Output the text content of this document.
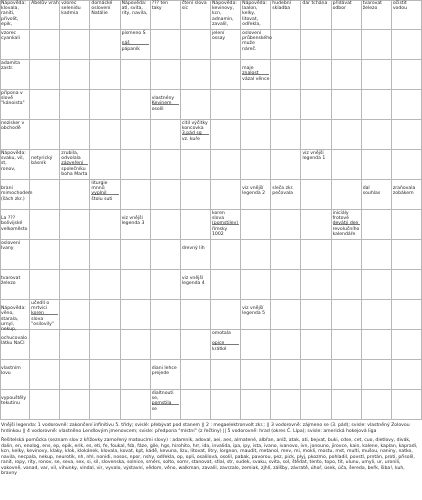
Nápověda:
klovala,
raniti,
přivolit, epik,
Abelův vrah vzorec
selenidu
kadmia
domácké
oslovení
Natálie
Nápověda:
atl, svita,
rity, navila,
??? ten
taky
čtení slova
síc
Nápověda:
kevinovy,
kcn,
adnamin,
zavalil,
Nápověda:
laalon,
kelky,
litovat,
odřekla,
hudební
skladba
dar tchána	přidávat
odbor
tvarovat
železo
očistit
vodou
vzorec
cyankali
písmeno S

náš
pápaník
jelení
ossay
oslovení
průbenského
muže
náreč.
adamita
zastr.	
maje
znalost

vázal věnce
přípona v
slově
"kánoista"

vlastnény
Kevinem

osolil
nezisker v
obchodě
citil výčitky

koncovka
3.pád sg
vz. kuře
Nápověda:
svaku, vil, st,
ronov,

netyrický
básník
zrubila,
odvolala

zázveření
společníku
boha Marta
viz vnější
legenda 1

braní
mimochodem
(šách zkr.)
liturgie
mnnů

vyplnil
štolu suti

viz vnější
legenda 2

sleča zkr.
pečovala

dal
souhlas

zraňovala
zobákem

La ???
bolivijské
velkoměsto

viz vnější
legenda 3
koren
slova
(pomstiley)

římsky
1002
iniciály
frotové

devátý den
revolučního
kalendáře
oslovení
Ivany	
drevný lih

tvarovat
železo

viz vnější
legenda 4

Nápověda:
věno,
starala,
urnyl, nekup,
učedlí o
mrtvici

koren
slova
"osilovily"

viz vnější
legenda 5

ochucovalo
látku NaCl
omotala

opice
krátké

vlastním lovu

diani lehce
prejede

vypouštěly
tekutinu
dialtnouti
se,

pomstila
se

Vnější legenda: 1 vodorovně: zakončení infinitivu 5. třídy; svislé: přebývat pod stanem || 2 : megaelektronvolt zkr.; || 3 vodorovně: zájmeno se (3. pád); svisle: vlastněný Zolovou hrdinkou || 4 vodorovně: vlastněno Lendlovým jmenovcem; svisle: předpona "místní" (z řečtiny) || 5 vodorovně: hrad (okres Č. Lípa); svisle: americká hokejová liga

Řešitelská pomůcka (seznam slov z křížovky zamořený matoucími slovy) : adamnik, adoval, aei, aes, almatené, albřan, anlž, atak, ati, bejvat, buki, cdse, cet, cuo, dietlovy, divák, dalin, en, enolog, ens, ep, epik, erik, es, eti, fe, foukal, fsb, fáze, gile, hgs, hirohito, hrr, ida, invalida, ipa, ipy, ista, ivano, ivanovo, ivn, jonouno, jirovce, kain, kalene, kaplan, kapradí, kcn, kelky, kevinovy, klaky, klok, klokánek, klovala, kovat, kpt, kádě, kevuna, lízu, litovat, litry, lorgnon, maudit, metanol, mev, mi, mokli, mostu, mst, multi, mušou, naniny, natko, navila, necpala, nekup, neurotik, nh, nhl, nonidi, nosos, npor, nshy, odřekla, op, opli, osalilová, osolil, pabak, pavorou, pez, pick, plyj, pkozmo, pohladil, povstl, prntán, proti, přisolil, ranit, ropy, rity, ronov, se, seva, sex, si, sil, slovenska, solnice, smérs, solto, somr, stanovat, stlal, str, sudek, svaku, svita, sol, štědat, tento, topo, tit, ulunu, umyli, ur, uronili, vakovně, vanad, var, vil, vihunky, vindal, vir, vyvalo, výstavní, vědom, věno, walkman, zavalil, zavrzalo, zemiak, zjhlí, zálšby, závratě, úhoř, úsek, úča, šereda, beřk, šiba!, kuh, bravny
